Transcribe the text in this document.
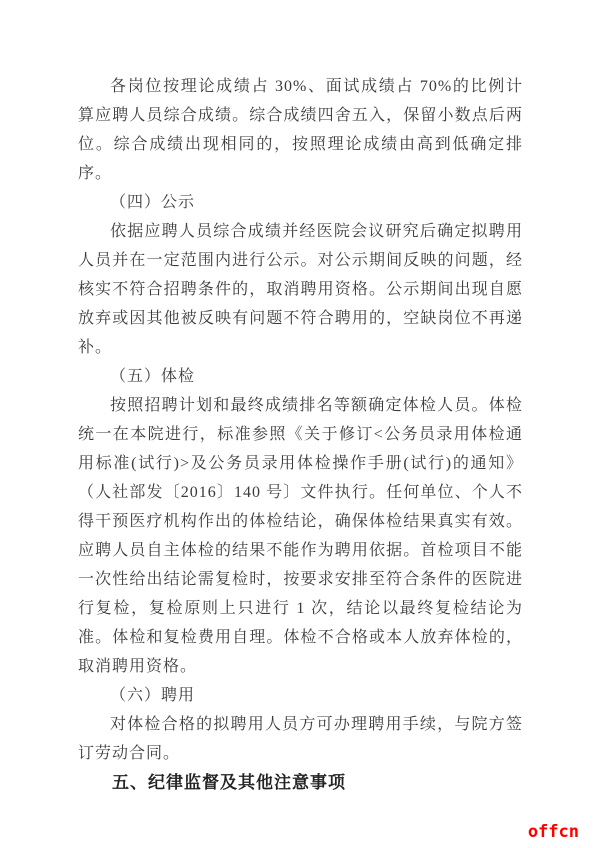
各岗位按理论成绩占 30%、面试成绩占 70%的比例计算应聘人员综合成绩。综合成绩四舍五入，保留小数点后两位。综合成绩出现相同的，按照理论成绩由高到低确定排序。

（四）公示

依据应聘人员综合成绩并经医院会议研究后确定拟聘用人员并在一定范围内进行公示。对公示期间反映的问题，经核实不符合招聘条件的，取消聘用资格。公示期间出现自愿放弃或因其他被反映有问题不符合聘用的，空缺岗位不再递补。

（五）体检

按照招聘计划和最终成绩排名等额确定体检人员。体检统一在本院进行，标准参照《关于修订<公务员录用体检通用标准(试行)>及公务员录用体检操作手册(试行)的通知》（人社部发〔2016〕140 号〕文件执行。任何单位、个人不得干预医疗机构作出的体检结论，确保体检结果真实有效。应聘人员自主体检的结果不能作为聘用依据。首检项目不能一次性给出结论需复检时，按要求安排至符合条件的医院进行复检，复检原则上只进行 1 次，结论以最终复检结论为准。体检和复检费用自理。体检不合格或本人放弃体检的，取消聘用资格。

（六）聘用

对体检合格的拟聘用人员方可办理聘用手续，与院方签订劳动合同。

五、纪律监督及其他注意事项
offcn
